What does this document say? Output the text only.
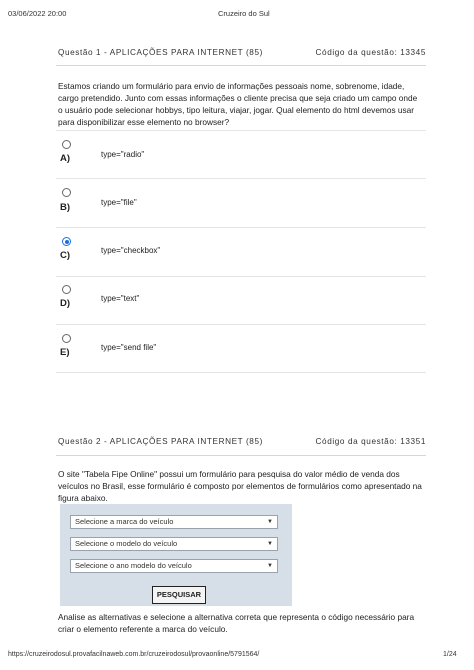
03/06/2022 20:00	Cruzeiro do Sul
Questão 1 - APLICAÇÕES PARA INTERNET (85)	Código da questão: 13345
Estamos criando um formulário para envio de informações pessoais nome, sobrenome, idade, cargo pretendido. Junto com essas informações o cliente precisa que seja criado um campo onde o usuário pode selecionar hobbys, tipo leitura, viajar, jogar. Qual elemento do html devemos usar para disponibilizar esse elemento no browser?
A)	type="radio"
B)	type="file"
C)	type="checkbox"
D)	type="text"
E)	type="send file"
Questão 2 - APLICAÇÕES PARA INTERNET (85)	Código da questão: 13351
O site "Tabela Fipe Online" possui um formulário para pesquisa do valor médio de venda dos veículos no Brasil, esse formulário é composto por elementos de formulários como apresentado na figura abaixo.
Selecione a marca do veículo	▼
Selecione o modelo do veículo	▼
Selecione o ano modelo do veículo	▼
PESQUISAR
Analise as alternativas e selecione a alternativa correta que representa o código necessário para criar o elemento referente a marca do veículo.
https://cruzeirodosul.provafacilnaweb.com.br/cruzeirodosul/provaonline/5791564/	1/24
